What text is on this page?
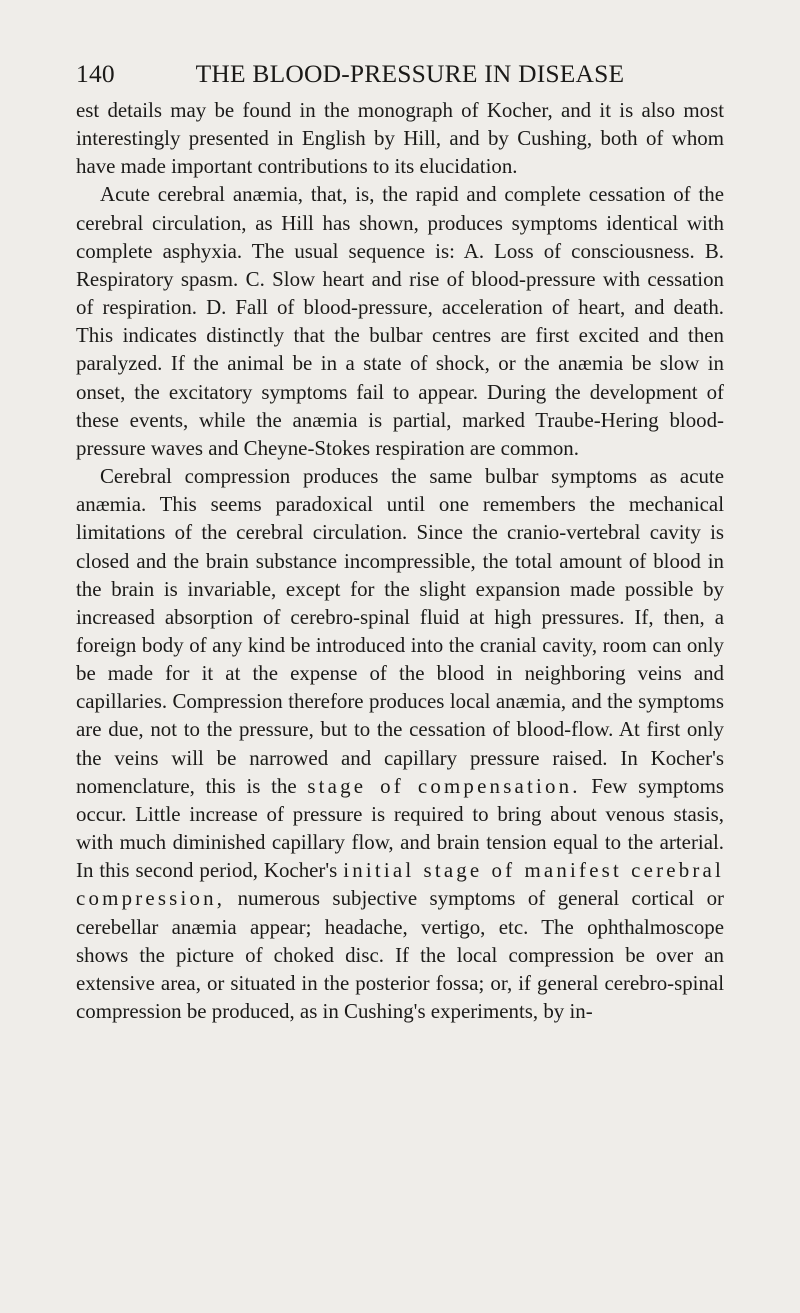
140	THE BLOOD-PRESSURE IN DISEASE

est details may be found in the monograph of Kocher, and it is also most interestingly presented in English by Hill, and by Cushing, both of whom have made important contributions to its elucidation.

Acute cerebral anæmia, that, is, the rapid and complete cessation of the cerebral circulation, as Hill has shown, produces symptoms identical with complete asphyxia. The usual sequence is: A. Loss of consciousness. B. Respiratory spasm. C. Slow heart and rise of blood-pressure with cessation of respiration. D. Fall of blood-pressure, acceleration of heart, and death. This indicates distinctly that the bulbar centres are first excited and then paralyzed. If the animal be in a state of shock, or the anæmia be slow in onset, the excitatory symptoms fail to appear. During the development of these events, while the anæmia is partial, marked Traube-Hering blood-pressure waves and Cheyne-Stokes respiration are common.

Cerebral compression produces the same bulbar symptoms as acute anæmia. This seems paradoxical until one remembers the mechanical limitations of the cerebral circulation. Since the cranio-vertebral cavity is closed and the brain substance incompressible, the total amount of blood in the brain is invariable, except for the slight expansion made possible by increased absorption of cerebro-spinal fluid at high pressures. If, then, a foreign body of any kind be introduced into the cranial cavity, room can only be made for it at the expense of the blood in neighboring veins and capillaries. Compression therefore produces local anæmia, and the symptoms are due, not to the pressure, but to the cessation of blood-flow. At first only the veins will be narrowed and capillary pressure raised. In Kocher's nomenclature, this is the stage of compensation. Few symptoms occur. Little increase of pressure is required to bring about venous stasis, with much diminished capillary flow, and brain tension equal to the arterial. In this second period, Kocher's initial stage of manifest cerebral compression, numerous subjective symptoms of general cortical or cerebellar anæmia appear; headache, vertigo, etc. The ophthalmoscope shows the picture of choked disc. If the local compression be over an extensive area, or situated in the posterior fossa; or, if general cerebro-spinal compression be produced, as in Cushing's experiments, by in-
